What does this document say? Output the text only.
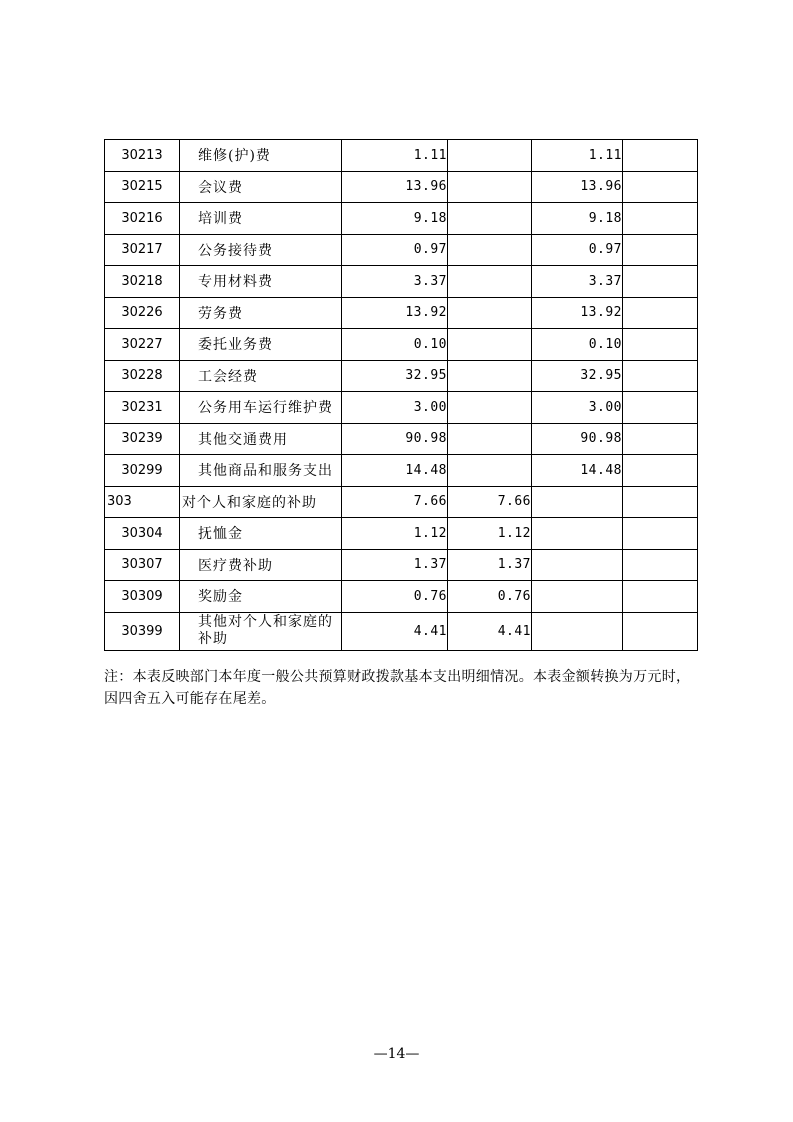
30213	维修(护)费	1.11		1.11	
30215	会议费	13.96		13.96	
30216	培训费	9.18		9.18	
30217	公务接待费	0.97		0.97	
30218	专用材料费	3.37		3.37	
30226	劳务费	13.92		13.92	
30227	委托业务费	0.10		0.10	
30228	工会经费	32.95		32.95	
30231	公务用车运行维护费	3.00		3.00	
30239	其他交通费用	90.98		90.98	
30299	其他商品和服务支出	14.48		14.48	
303	对个人和家庭的补助	7.66	7.66		
30304	抚恤金	1.12	1.12		
30307	医疗费补助	1.37	1.37		
30309	奖励金	0.76	0.76		
30399	其他对个人和家庭的补助	4.41	4.41		
注：本表反映部门本年度一般公共预算财政拨款基本支出明细情况。本表金额转换为万元时，因四舍五入可能存在尾差。
—14—
